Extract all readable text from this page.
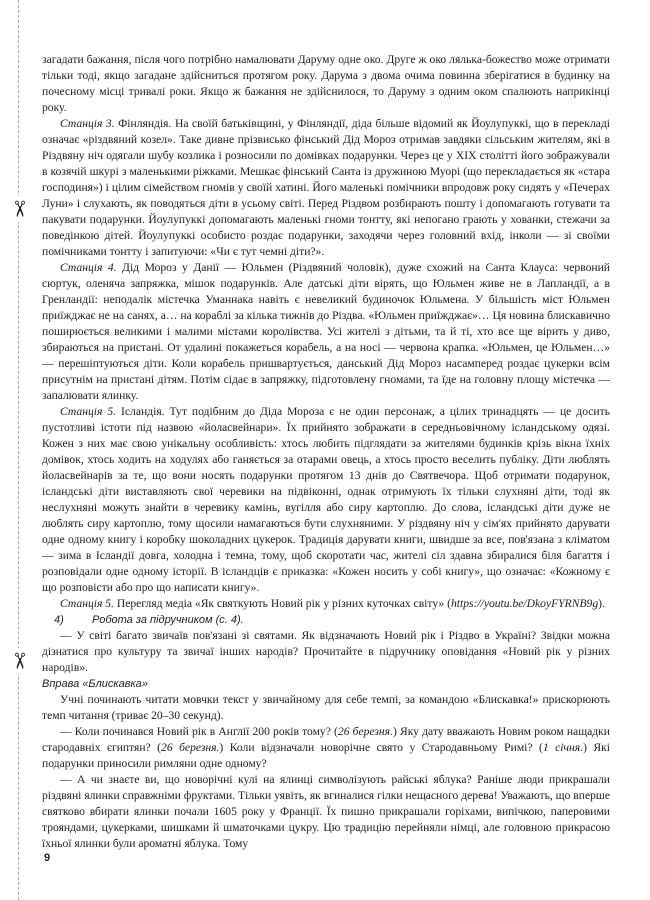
✂
✂

загадати бажання, після чого потрібно намалювати Даруму одне око. Друге ж око лялька-божество може отримати тільки тоді, якщо загадане здійсниться протягом року. Дарума з двома очима повинна зберігатися в будинку на почесному місці тривалі роки. Якщо ж бажання не здійснилося, то Даруму з одним оком спалюють наприкінці року.

Станція 3. Фінляндія. На своїй батьківщині, у Фінляндії, діда більше відомий як Йоулупуккі, що в перекладі означає «різдвяний козел». Таке дивне прізвисько фінський Дід Мороз отримав завдяки сільським жителям, які в Різдвяну ніч одягали шубу козлика і розносили по домівках подарунки. Через це у XIX столітті його зображували в козячій шкурі з маленькими ріжками. Мешкає фінський Санта із дружиною Муорі (що перекладається як «стара господиня») і цілим сімейством гномів у своїй хатині. Його маленькі помічники впродовж року сидять у «Печерах Луни» і слухають, як поводяться діти в усьому світі. Перед Різдвом розбирають пошту і допомагають готувати та пакувати подарунки. Йоулупуккі допомагають маленькі гноми тонтту, які непогано грають у хованки, стежачи за поведінкою дітей. Йоулупуккі особисто роздає подарунки, заходячи через головний вхід, інколи — зі своїми помічниками тонтту і запитуючи: «Чи є тут чемні діти?».

Станція 4. Дід Мороз у Данії — Юльмен (Різдвяний чоловік), дуже схожий на Санта Клауса: червоний сюртук, оленяча запряжка, мішок подарунків. Але датські діти вірять, що Юльмен живе не в Лапландії, а в Гренландії: неподалік містечка Уманнака навіть є невеликий будиночок Юльмена. У більшість міст Юльмен приїжджає не на санях, а… на кораблі за кілька тижнів до Різдва. «Юльмен приїжджає»… Ця новина блискавично поширюється великими і малими містами королівства. Усі жителі з дітьми, та й ті, хто все ще вірить у диво, збираються на пристані. От удалині покажеться корабель, а на носі — червона крапка. «Юльмен, це Юльмен…» — перешіптуються діти. Коли корабель пришвартується, данський Дід Мороз насамперед роздає цукерки всім присутнім на пристані дітям. Потім сідає в запряжку, підготовлену гномами, та їде на головну площу містечка — запалювати ялинку.

Станція 5. Ісландія. Тут подібним до Діда Мороза є не один персонаж, а цілих тринадцять — це досить пустотливі істоти під назвою «йоласвейнари». Їх прийнято зображати в середньовічному ісландському одязі. Кожен з них має свою унікальну особливість: хтось любить підглядати за жителями будинків крізь вікна їхніх домівок, хтось ходить на ходулях або ганяється за отарами овець, а хтось просто веселить публіку. Діти люблять йоласвейнарів за те, що вони носять подарунки протягом 13 днів до Святвечора. Щоб отримати подарунок, ісландські діти виставляють свої черевики на підвіконні, однак отримують їх тільки слухняні діти, тоді як неслухняні можуть знайти в черевику камінь, вугілля або сиру картоплю. До слова, ісландські діти дуже не люблять сиру картоплю, тому щосили намагаються бути слухняними. У різдвяну ніч у сім'ях прийнято дарувати одне одному книгу і коробку шоколадних цукерок. Традиція дарувати книги, швидше за все, пов'язана з кліматом — зима в Ісландії довга, холодна і темна, тому, щоб скоротати час, жителі сіл здавна збиралися біля багаття і розповідали одне одному історії. В ісландців є приказка: «Кожен носить у собі книгу», що означає: «Кожному є що розповісти або про що написати книгу».

Станція 5. Перегляд медіа «Як святкують Новий рік у різних куточках світу» (https://youtu.be/DkoyFYRNB9g).

4)	Робота за підручником (с. 4).

— У світі багато звичаїв пов'язані зі святами. Як відзначають Новий рік і Різдво в Україні? Звідки можна дізнатися про культуру та звичаї інших народів? Прочитайте в підручнику оповідання «Новий рік у різних народів».

Вправа «Блискавка»

Учні починають читати мовчки текст у звичайному для себе темпі, за командою «Блискавка!» прискорюють темп читання (триває 20–30 секунд).

— Коли починався Новий рік в Англії 200 років тому? (26 березня.) Яку дату вважають Новим роком нащадки стародавніх єгиптян? (26 березня.) Коли відзначали новорічне свято у Стародавньому Римі? (1 січня.) Які подарунки приносили римляни одне одному?

— А чи знаєте ви, що новорічні кулі на ялинці символізують райські яблука? Раніше люди прикрашали різдвяні ялинки справжніми фруктами. Тільки уявіть, як вгиналися гілки нещасного дерева! Уважають, що вперше святково вбирати ялинки почали 1605 року у Франції. Їх пишно прикрашали горіхами, випічкою, паперовими трояндами, цукерками, шишками й шматочками цукру. Цю традицію перейняли німці, але головною прикрасою їхньої ялинки були ароматні яблука. Тому

9
